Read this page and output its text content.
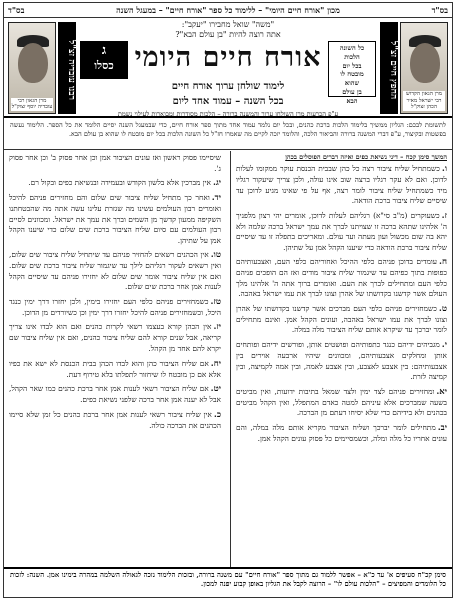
בס"ד
מכון "אורח חיים היומי" – ללימוד כל ספר "אורח חיים" – במעגל השנה
בס"ד
מרן הגאון הקדוש רבי ישראל מאיר הכהן זצוק"ל
החפץ חיים זצ"ל
"משה" שואל מחבירו "יעקב":
אתה רוצה להיות "בן עולם הבא"?
כל השונה
הלכות
בכל יום
מובטח לו
שהוא
בן עולם
הבא
אורח חיים היומי
ג
כסלו
לימוד שולחן ערוך אורח חיים
בכל השנה – עמוד אחד ליום
ע"פ הכרעות מרן השולחן ערוך והמשנה ברורה – הלכות מסודרות ומבוארות לעילוי נשמת
רבנו עובדיה זצ"ל
מרן הגאון רבי עובדיה יוסף זצוק"ל
לתשומת לבכם: הגליון ממשיך בלימוד הלכות ברכת כהנים, ובכל יום נלמד עמוד אחד מתוך ספר אורח חיים, כדי שבמעגל השנה יסיים הלומד את כל הספר. הלימוד נעשה בפשטות ובקיצור, ע"פ דברי המשנה ברורה והביאור הלכה, והלומד יזכה לקיים מה שאמרו חז"ל כל השונה הלכות בכל יום מובטח לו שהוא בן עולם הבא.
המשך סימן קכח – דיני נשיאת כפים ואיזה דברים הפוסלים בכהן
ו.כשמתחיל שליח ציבור רצה כל כהן שבבית הכנסת עוקר ממקומו לעלות לדוכן. ואם לא עקר רגליו ברצה שוב אינו עולה, ולכן צריך שיעקור רגליו מיד כשמתחיל שליח ציבור לומר רצה, אף על פי שאינו מגיע לדוכן עד שיסיים שליח ציבור ברכת הודאה.
ז.כשעוקרים (מ"ב סי"א) רגליהם לעלות לדוכן, אומרים יהי רצון מלפניך ה' אלהינו שתהא ברכה זו שצויתנו לברך את עמך ישראל ברכה שלמה ולא יהא בה שום מכשול ועון מעתה ועד עולם. ומאריכים בתפלה זו עד שיסיים שליח ציבור ברכת הודאה כדי שיענו הקהל אמן על שתיהן.
ח.עומדים בדוכן פניהם כלפי ההיכל ואחוריהם כלפי העם, ואצבעותיהם כפופות בתוך כפיהם עד שיגמור שליח ציבור מודים ואז הם הופכים פניהם כלפי העם ומתחילים לברך את העם. ואומרים ברוך אתה ה' אלהינו מלך העולם אשר קדשנו בקדושתו של אהרן וצונו לברך את עמו ישראל באהבה.
ט.כשמחזירים פניהם כלפי העם מברכים אשר קדשנו בקדושתו של אהרן וצונו לברך את עמו ישראל באהבה, ועונים הקהל אמן. ואינם מתחילים לומר יברכך עד שיקרא אותם שליח הציבור מלה במלה.
י.מגביהים ידיהם כנגד כתפותיהם ופושטים אותן, ופורשים ידיהם ופותחים אותן ומחלקים אצבעותיהם, ומכוונים שיהיו ארבעה אוירים בין אצבעותיהם: בין אצבע לאצבע, ובין אצבע לאמה, ובין אמה לקמיצה, ובין קמיצה לזרת.
יא.ומחזירים פניהם לצד ימין ולצד שמאל בתיבות ידועות, ואין מביטים בשעה שמברכים אלא עיניהם למטה כאדם המתפלל, ואין הקהל מביטים בכהנים ולא בידיהם כדי שלא יסיחו דעתם מן הברכה.
יב.מתחילים לומר יברכך ושליח הציבור מקריא אותם מלה במלה, והם עונים אחריו כל מלה ומלה, וכשמסיימים כל פסוק עונים הקהל אמן.
שיסיימו פסוק ראשון ואז עונים הציבור אמן וכן אחר פסוק ב' וכן אחר פסוק ג'.
יג.אין מברכין אלא בלשון הקודש ובעמידה ובנשיאת כפים ובקול רם.
יד.ואחר כך מתחיל שליח ציבור שים שלום והם מחזירים פניהם להיכל ואומרים רבון העולמים עשינו מה שגזרת עלינו עשה אתה מה שהבטחתנו השקיפה ממעון קדשך מן השמים וברך את עמך את ישראל. ומכוונים לסיים רבון העולמים עם סיום שליח הציבור ברכת שים שלום כדי שיענו הקהל אמן על שתיהן.
טו.אין הכהנים רשאים להחזיר פניהם עד שיתחיל שליח ציבור שים שלום, ואין רשאים לעקור רגליהם לילך עד שיגמור שליח ציבור ברכת שים שלום. ואם אין שליח ציבור אומר שים שלום לא יחזירו פניהם עד שיסיים הקהל לענות אמן אחר ברכת שים שלום.
טז.כשמחזירים פניהם כלפי העם יחזירו בימין, ולכן יחזרו דרך ימין כנגד היכל, וכשמחזירים פניהם להיכל יחזרו דרך ימין וכן כשיורדים מן הדוכן.
יז.אין הכהן קורא בעצמו רשאי לקרות כהנים ואם הוא לבדו אינו צריך קריאה, אבל שנים קורא להם שליח ציבור כהנים, ואם אין שליח ציבור שם יקרא להם אחד מן הקהל.
יח.אם שליח הציבור כהן והוא לבדו הכהן בבית הכנסת לא ישא את כפיו אלא אם כן מובטח לו שיחזור לתפלתו בלא טירוף דעת.
יט.אם שליח הציבור רשאי לענות אמן אחר ברכת כהנים כמו שאר הקהל, אבל לא יענה אמן אחר ברכה שלפני נשיאת כפים.
כ.אין שליח ציבור רשאי לענות אמן אחר ברכת כהנים כל זמן שלא סיימו הכהנים את הברכה כולה.
סימן קכ"ח סעיפים א' עד כ"א – אפשר ללמוד גם מתוך ספר "אורח חיים" עם משנה ברורה, ובזכות הלימוד נזכה לגאולה השלמה במהרה בימינו אמן. השנה: לזכות כל הלומדים והמפיצים – "הלכות עולם לו" – הרוצה לקבל את הגליון באופן קבוע יפנה למכון.
